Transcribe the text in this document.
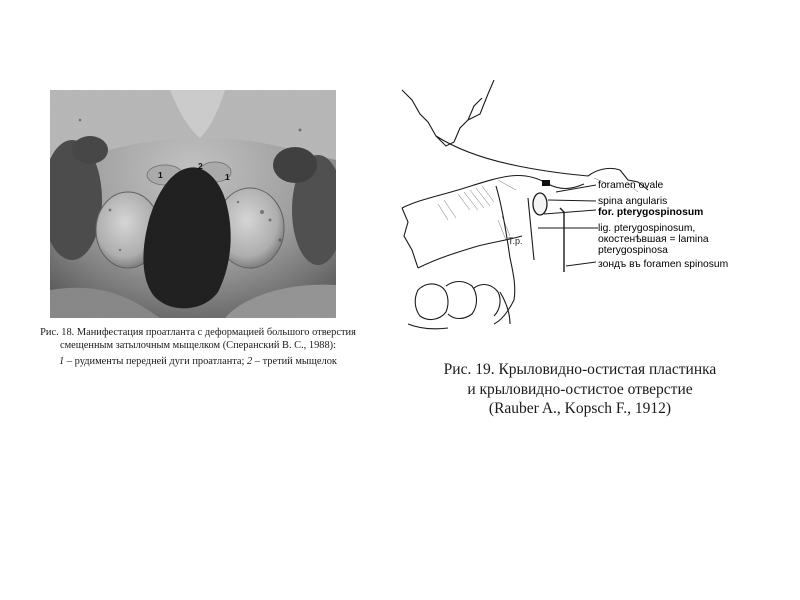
1
2
1

Рис. 18. Манифестация проатланта с деформацией большого отверстия

смещенным затылочным мыщелком (Сперанский В. С., 1988):

1 – рудименты передней дуги проатланта; 2 – третий мыщелок

foramen ovale
spina angularis
for. pterygospinosum
lig. pterygospinosum,
окостенѣвшая = lamina
pterygospinosa
зондъ въ foramen spinosum
T.p.

Рис. 19. Крыловидно-остистая пластинка

и крыловидно-остистое отверстие

(Rauber A., Kopsch F., 1912)
